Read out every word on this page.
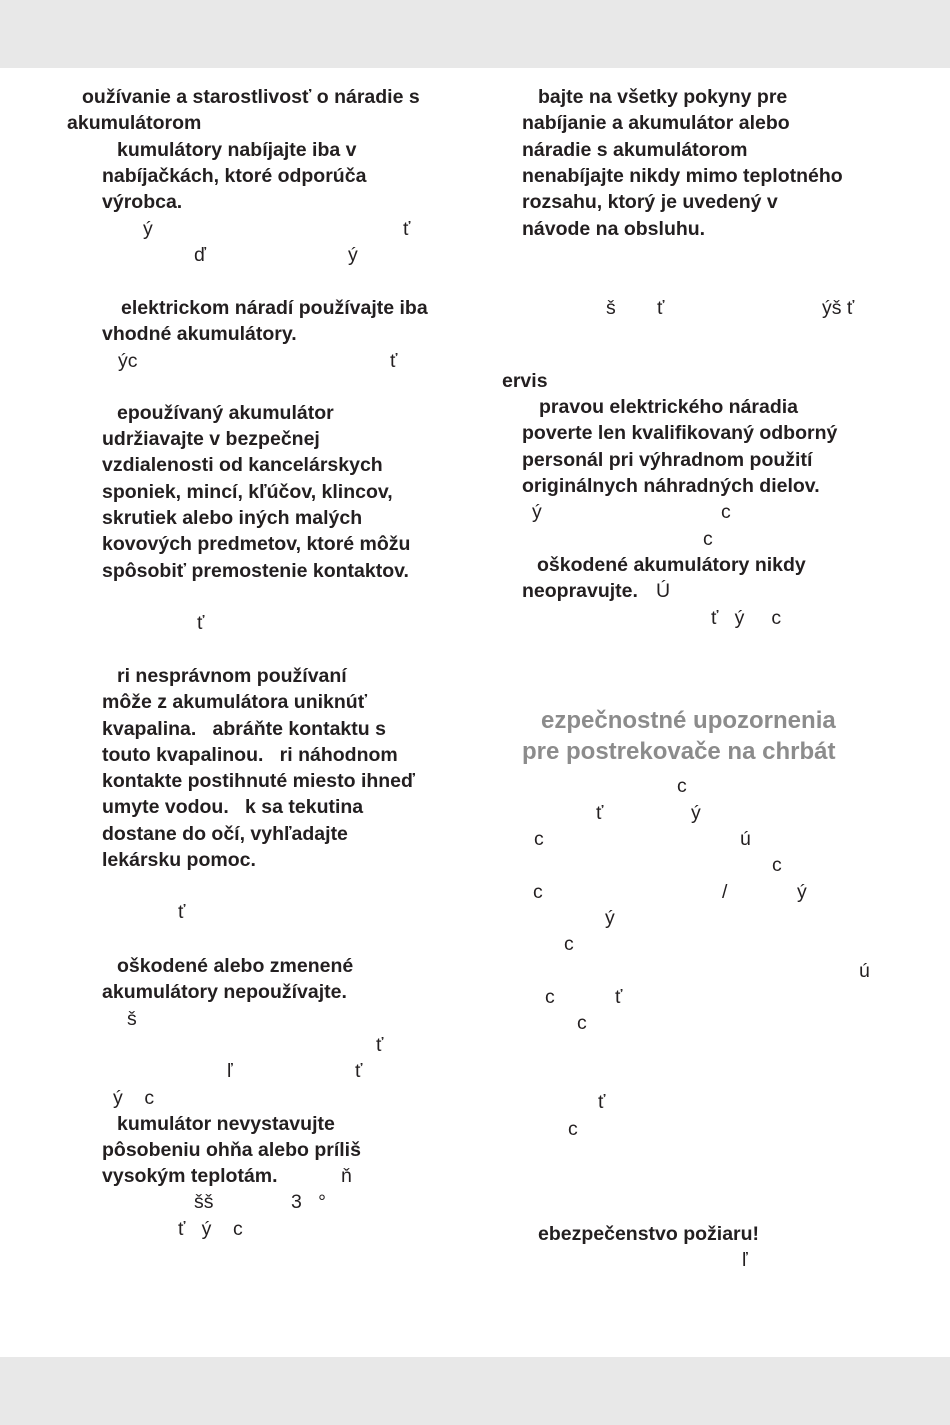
oužívanie a starostlivosť o náradie s
akumulátorom
kumulátory nabíjajte iba v
nabíjačkách, ktoré odporúča
výrobca.
ý	ť
ď	ý
elektrickom náradí používajte iba
vhodné akumulátory.
ýc	ť
epoužívaný akumulátor
udržiavajte v bezpečnej
vzdialenosti od kancelárskych
sponiek, mincí, kľúčov, klincov,
skrutiek alebo iných malých
kovových predmetov, ktoré môžu
spôsobiť premostenie kontaktov.
ť
ri nesprávnom používaní
môže z akumulátora uniknúť
kvapalina.   abráňte kontaktu s
touto kvapalinou.   ri náhodnom
kontakte postihnuté miesto ihneď
umyte vodou.   k sa tekutina
dostane do očí, vyhľadajte
lekársku pomoc.
ť
oškodené alebo zmenené
akumulátory nepoužívajte.
š
ť
ľ	ť
ý    c
kumulátor nevystavujte
pôsobeniu ohňa alebo príliš
vysokým teplotám.	ň
šš	3   °
ť   ý    c
bajte na všetky pokyny pre
nabíjanie a akumulátor alebo
náradie s akumulátorom
nenabíjajte nikdy mimo teplotného
rozsahu, ktorý je uvedený v
návode na obsluhu.
š ť	ýš ť
ervis
pravou elektrického náradia
poverte len kvalifikovaný odborný
personál pri výhradnom použití
originálnych náhradných dielov.
ý	c
c
oškodené akumulátory nikdy
neopravujte. Ú
ť   ý     c
ezpečnostné upozornenia
pre postrekovače na chrbát
c
ť	ý
c	ú
c
c	/	ý
ý
c
ú
c	ť
c
ť
c
ebezpečenstvo požiaru!
ľ
